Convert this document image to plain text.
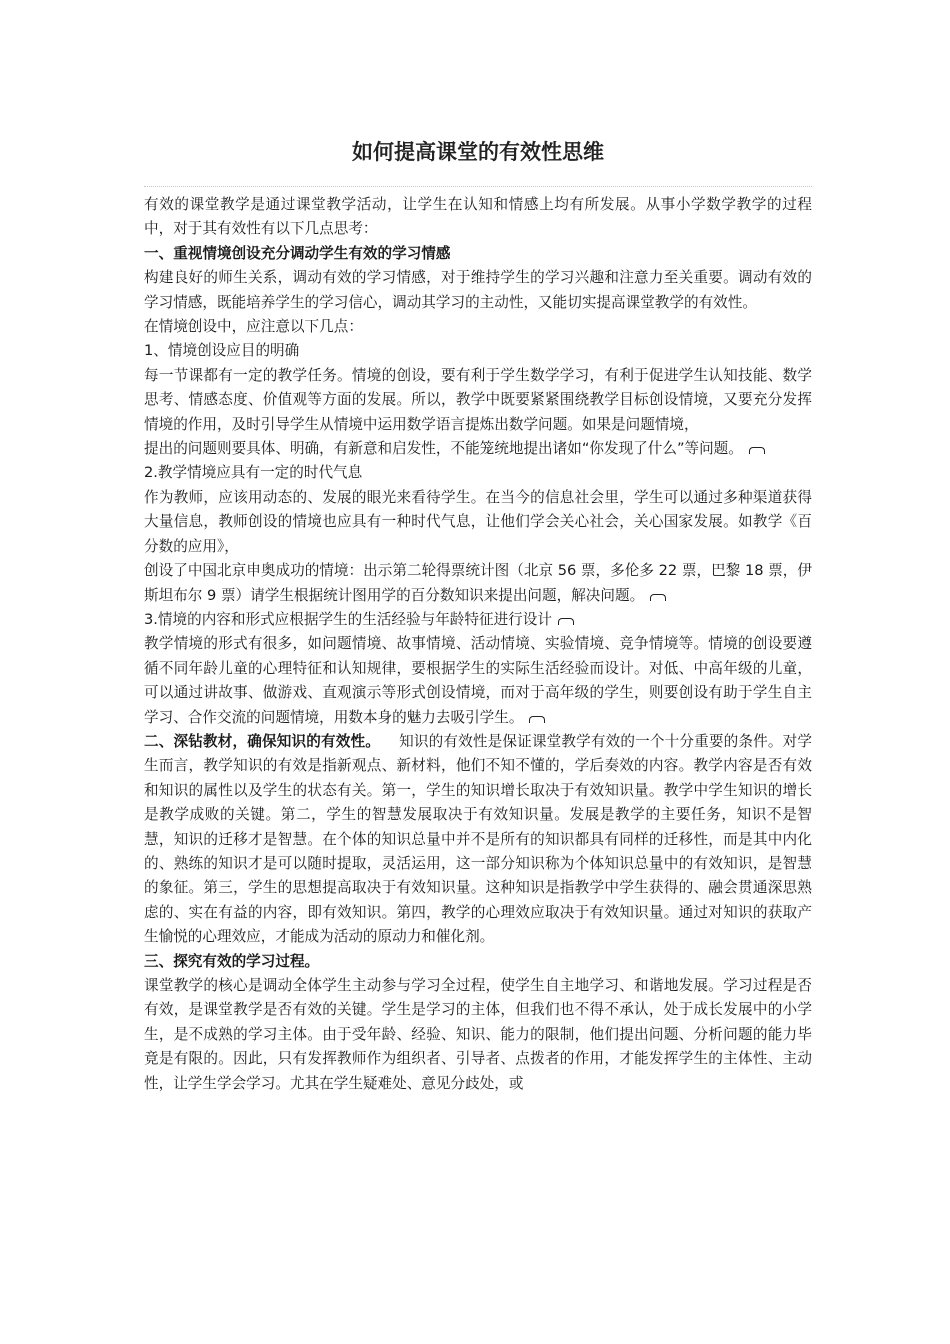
如何提高课堂的有效性思维

有效的课堂教学是通过课堂教学活动，让学生在认知和情感上均有所发展。从事小学数学教学的过程中，对于其有效性有以下几点思考：

一、重视情境创设充分调动学生有效的学习情感

构建良好的师生关系，调动有效的学习情感，对于维持学生的学习兴趣和注意力至关重要。调动有效的学习情感，既能培养学生的学习信心，调动其学习的主动性，又能切实提高课堂教学的有效性。

在情境创设中，应注意以下几点：

1、情境创设应目的明确

每一节课都有一定的教学任务。情境的创设，要有利于学生数学学习，有利于促进学生认知技能、数学思考、情感态度、价值观等方面的发展。所以，教学中既要紧紧围绕教学目标创设情境，又要充分发挥情境的作用，及时引导学生从情境中运用数学语言提炼出数学问题。如果是问题情境，

提出的问题则要具体、明确，有新意和启发性，不能笼统地提出诸如“你发现了什么”等问题。

2.教学情境应具有一定的时代气息

作为教师，应该用动态的、发展的眼光来看待学生。在当今的信息社会里，学生可以通过多种渠道获得大量信息，教师创设的情境也应具有一种时代气息，让他们学会关心社会，关心国家发展。如教学《百分数的应用》，

创设了中国北京申奥成功的情境：出示第二轮得票统计图（北京 56 票，多伦多 22 票，巴黎 18 票，伊斯坦布尔 9 票）请学生根据统计图用学的百分数知识来提出问题，解决问题。

3.情境的内容和形式应根据学生的生活经验与年龄特征进行设计

教学情境的形式有很多，如问题情境、故事情境、活动情境、实验情境、竞争情境等。情境的创设要遵循不同年龄儿童的心理特征和认知规律，要根据学生的实际生活经验而设计。对低、中高年级的儿童，可以通过讲故事、做游戏、直观演示等形式创设情境，而对于高年级的学生，则要创设有助于学生自主学习、合作交流的问题情境，用数本身的魅力去吸引学生。

二、深钻教材，确保知识的有效性。 知识的有效性是保证课堂教学有效的一个十分重要的条件。对学生而言，教学知识的有效是指新观点、新材料，他们不知不懂的，学后奏效的内容。教学内容是否有效和知识的属性以及学生的状态有关。第一，学生的知识增长取决于有效知识量。教学中学生知识的增长是教学成败的关键。第二，学生的智慧发展取决于有效知识量。发展是教学的主要任务，知识不是智慧，知识的迁移才是智慧。在个体的知识总量中并不是所有的知识都具有同样的迁移性，而是其中内化的、熟练的知识才是可以随时提取，灵活运用，这一部分知识称为个体知识总量中的有效知识，是智慧的象征。第三，学生的思想提高取决于有效知识量。这种知识是指教学中学生获得的、融会贯通深思熟虑的、实在有益的内容，即有效知识。第四，教学的心理效应取决于有效知识量。通过对知识的获取产生愉悦的心理效应，才能成为活动的原动力和催化剂。

三、探究有效的学习过程。

课堂教学的核心是调动全体学生主动参与学习全过程，使学生自主地学习、和谐地发展。学习过程是否有效，是课堂教学是否有效的关键。学生是学习的主体，但我们也不得不承认，处于成长发展中的小学生，是不成熟的学习主体。由于受年龄、经验、知识、能力的限制，他们提出问题、分析问题的能力毕竟是有限的。因此，只有发挥教师作为组织者、引导者、点拨者的作用，才能发挥学生的主体性、主动性，让学生学会学习。尤其在学生疑难处、意见分歧处，或
